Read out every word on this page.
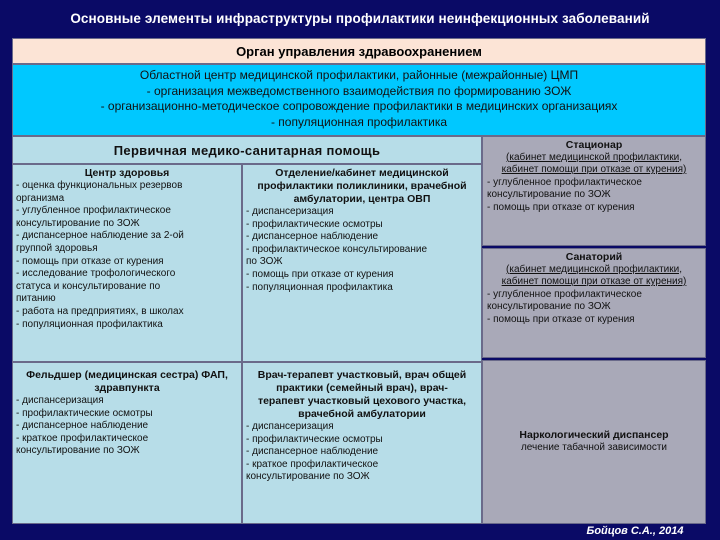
Основные элементы инфраструктуры профилактики неинфекционных заболеваний
Орган управления здравоохранением
Областной центр медицинской профилактики, районные (межрайонные) ЦМП
- организация межведомственного взаимодействия по формированию ЗОЖ
- организационно-методическое сопровождение профилактики в медицинских организациях
- популяционная профилактика
Первичная медико-санитарная помощь
Центр здоровья
- оценка функциональных резервов
организма
- углубленное профилактическое
консультирование по ЗОЖ
- диспансерное наблюдение за 2-ой
группой здоровья
- помощь при отказе от курения
- исследование трофологического
статуса и консультирование по
питанию
- работа на предприятиях, в школах
- популяционная профилактика
Отделение/кабинет медицинской профилактики поликлиники, врачебной амбулатории, центра ОВП
- диспансеризация
- профилактические осмотры
- диспансерное наблюдение
- профилактическое консультирование
по ЗОЖ
- помощь при отказе от курения
- популяционная профилактика
Фельдшер (медицинская сестра) ФАП, здравпункта
- диспансеризация
- профилактические осмотры
- диспансерное наблюдение
- краткое профилактическое
консультирование по ЗОЖ
Врач-терапевт участковый, врач общей практики (семейный врач), врач-терапевт участковый цехового участка, врачебной амбулатории
- диспансеризация
- профилактические осмотры
- диспансерное наблюдение
- краткое профилактическое
консультирование по ЗОЖ
Стационар
(кабинет медицинской профилактики, кабинет помощи при отказе от курения)
- углубленное профилактическое
консультирование по ЗОЖ
- помощь при отказе от курения
Санаторий
(кабинет медицинской профилактики, кабинет помощи при отказе от курения)
- углубленное профилактическое
консультирование по ЗОЖ
- помощь при отказе от курения
Наркологический диспансер
лечение табачной зависимости
Бойцов С.А., 2014
